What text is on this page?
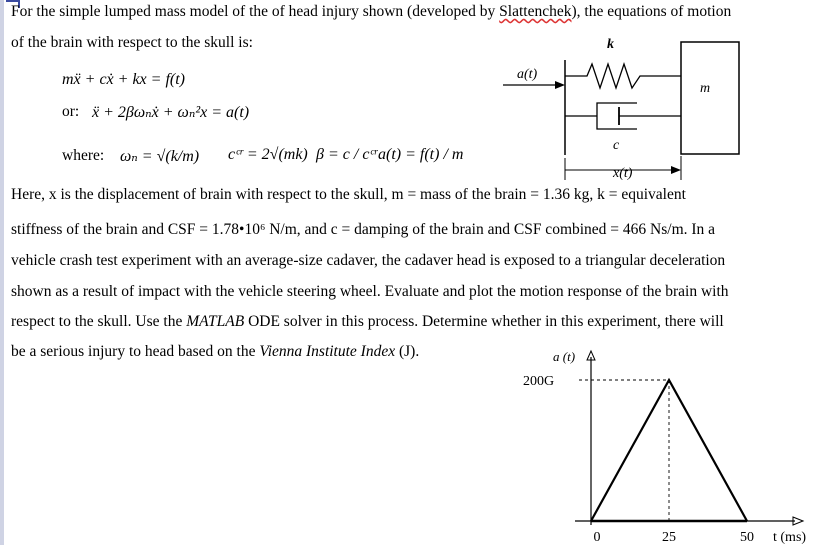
For the simple lumped mass model of the of head injury shown (developed by Slattenchek), the equations of motion
of the brain with respect to the skull is:
mẍ + cẋ + kx = f(t)
or: ẍ + 2βωₙẋ + ωₙ²x = a(t)
where: ωₙ = √(k/m) cᶜʳ = 2√(mk) β = c / cᶜʳ a(t) = f(t) / m
a(t)
k
c
m
x(t)
Here, x is the displacement of brain with respect to the skull, m = mass of the brain = 1.36 kg, k = equivalent
stiffness of the brain and CSF = 1.78•10⁶ N/m, and c = damping of the brain and CSF combined = 466 Ns/m. In a
vehicle crash test experiment with an average-size cadaver, the cadaver head is exposed to a triangular deceleration
shown as a result of impact with the vehicle steering wheel. Evaluate and plot the motion response of the brain with
respect to the skull. Use the MATLAB ODE solver in this process. Determine whether in this experiment, there will
be a serious injury to head based on the Vienna Institute Index (J).	a (t)
200G
0	25	50 t (ms)
